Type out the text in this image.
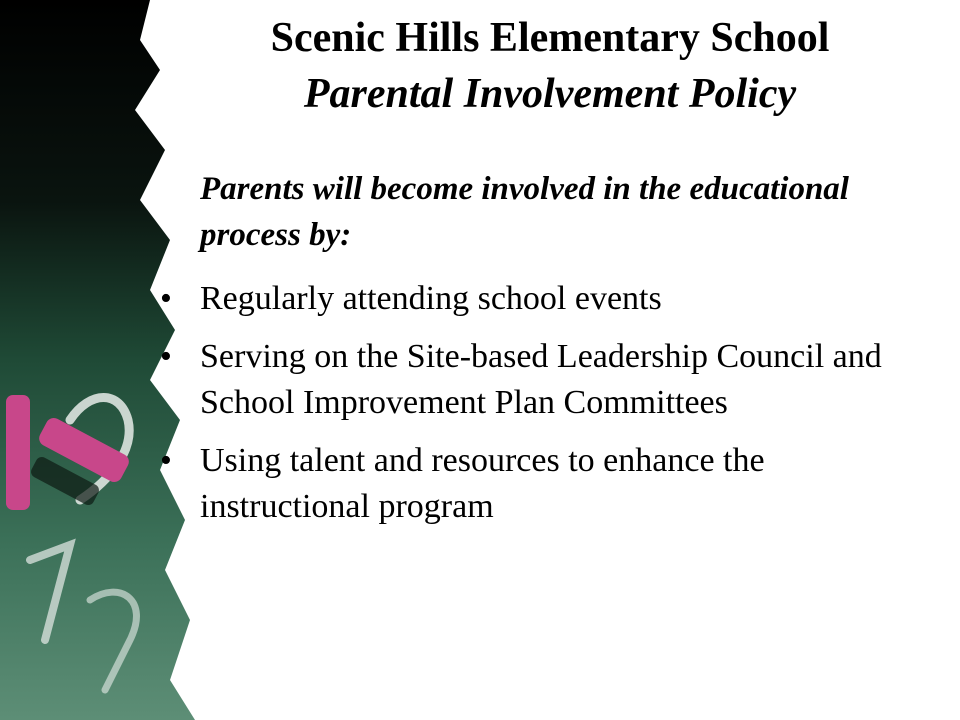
Scenic Hills Elementary School
Parental Involvement Policy
Parents will become involved in the educational process by:
• Regularly attending school events
• Serving on the Site-based Leadership Council and School Improvement Plan Committees
• Using talent and resources to enhance the instructional program
